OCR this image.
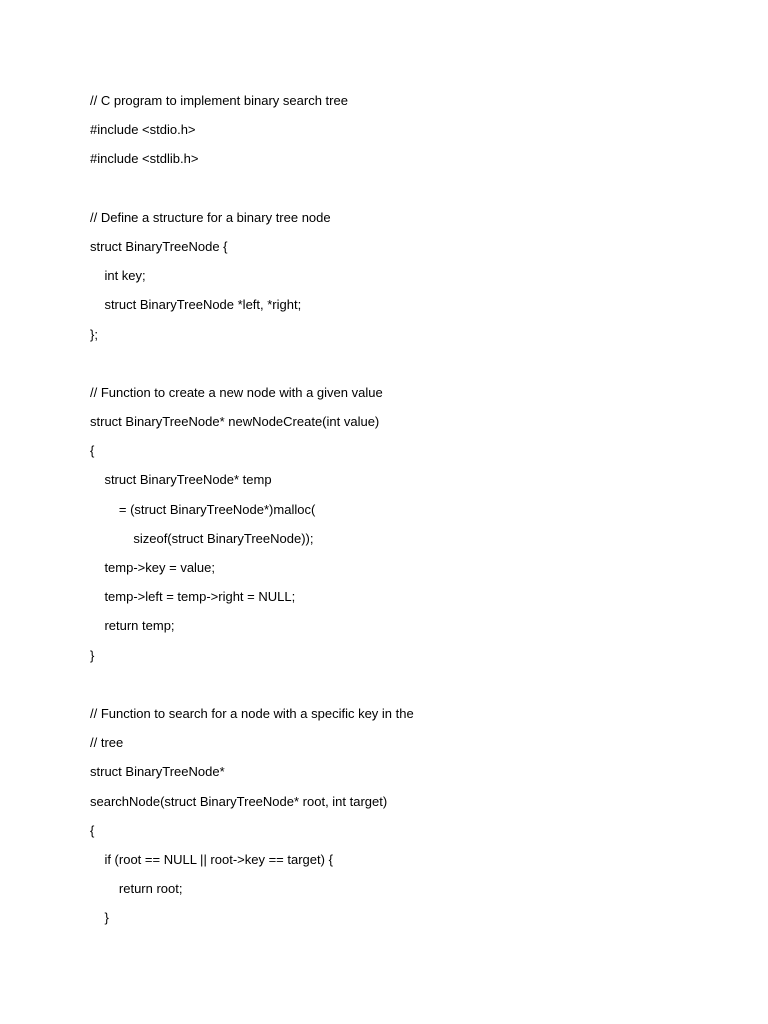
// C program to implement binary search tree
#include <stdio.h>
#include <stdlib.h>
// Define a structure for a binary tree node
struct BinaryTreeNode {
int key;
struct BinaryTreeNode *left, *right;
};
// Function to create a new node with a given value
struct BinaryTreeNode* newNodeCreate(int value)
{
struct BinaryTreeNode* temp
= (struct BinaryTreeNode*)malloc(
sizeof(struct BinaryTreeNode));
temp->key = value;
temp->left = temp->right = NULL;
return temp;
}
// Function to search for a node with a specific key in the
// tree
struct BinaryTreeNode*
searchNode(struct BinaryTreeNode* root, int target)
{
if (root == NULL || root->key == target) {
return root;
}
